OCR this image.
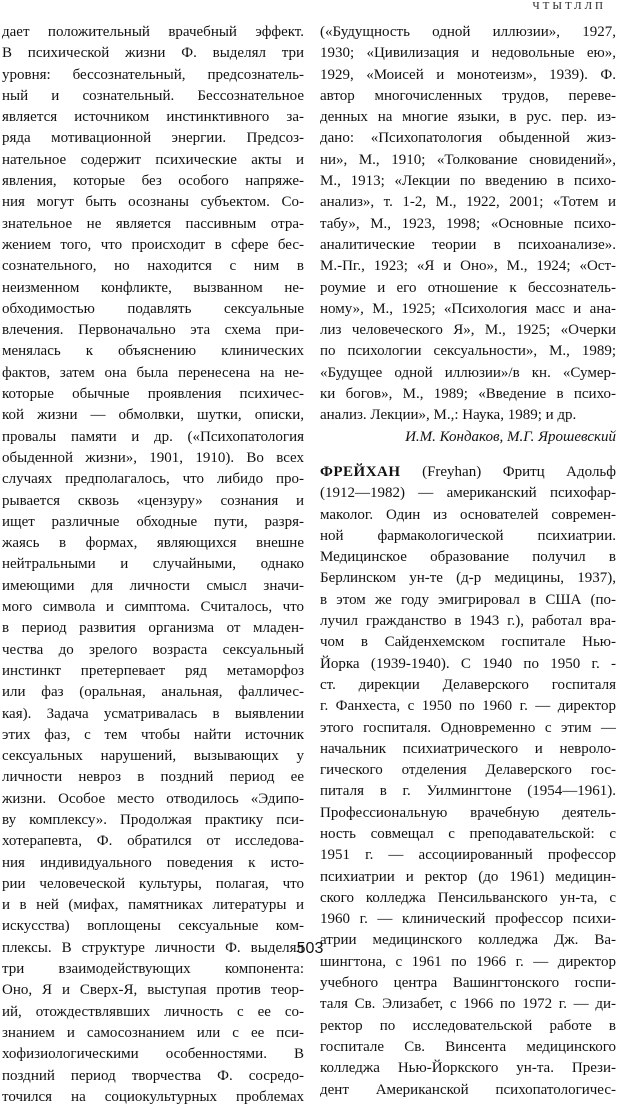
ЧТЫТЛЛП
дает положительный врачебный эффект.
В психической жизни Ф. выделял три
уровня: бессознательный, предсознатель-
ный и сознательный. Бессознательное
является источником инстинктивного за-
ряда мотивационной энергии. Предсоз-
нательное содержит психические акты и
явления, которые без особого напряже-
ния могут быть осознаны субъектом. Со-
знательное не является пассивным отра-
жением того, что происходит в сфере бес-
сознательного, но находится с ним в
неизменном конфликте, вызванном не-
обходимостью подавлять сексуальные
влечения. Первоначально эта схема при-
менялась к объяснению клинических
фактов, затем она была перенесена на не-
которые обычные проявления психичес-
кой жизни — обмолвки, шутки, описки,
провалы памяти и др. («Психопатология
обыденной жизни», 1901, 1910). Во всех
случаях предполагалось, что либидо про-
рывается сквозь «цензуру» сознания и
ищет различные обходные пути, разря-
жаясь в формах, являющихся внешне
нейтральными и случайными, однако
имеющими для личности смысл значи-
мого символа и симптома. Считалось, что
в период развития организма от младен-
чества до зрелого возраста сексуальный
инстинкт претерпевает ряд метаморфоз
или фаз (оральная, анальная, фалличес-
кая). Задача усматривалась в выявлении
этих фаз, с тем чтобы найти источник
сексуальных нарушений, вызывающих у
личности невроз в поздний период ее
жизни. Особое место отводилось «Эдипо-
ву комплексу». Продолжая практику пси-
хотерапевта, Ф. обратился от исследова-
ния индивидуального поведения к исто-
рии человеческой культуры, полагая, что
и в ней (мифах, памятниках литературы и
искусства) воплощены сексуальные ком-
плексы. В структуре личности Ф. выделял
три взаимодействующих компонента:
Оно, Я и Сверх-Я, выступая против теор-
ий, отождествлявших личность с ее со-
знанием и самосознанием или с ее пси-
хофизиологическими особенностями. В
поздний период творчества Ф. сосредо-
точился на социокультурных проблемах
(«Будущность одной иллюзии», 1927,
1930; «Цивилизация и недовольные ею»,
1929, «Моисей и монотеизм», 1939). Ф.
автор многочисленных трудов, переве-
денных на многие языки, в рус. пер. из-
дано: «Психопатология обыденной жиз-
ни», М., 1910; «Толкование сновидений»,
М., 1913; «Лекции по введению в психо-
анализ», т. 1-2, М., 1922, 2001; «Тотем и
табу», М., 1923, 1998; «Основные психо-
аналитические теории в психоанализе».
М.-Пг., 1923; «Я и Оно», М., 1924; «Ост-
роумие и его отношение к бессознатель-
ному», М., 1925; «Психология масс и ана-
лиз человеческого Я», М., 1925; «Очерки
по психологии сексуальности», М., 1989;
«Будущее одной иллюзии»/в кн. «Сумер-
ки богов», М., 1989; «Введение в психо-
анализ. Лекции», М.,: Наука, 1989; и др.
И.М. Кондаков, М.Г. Ярошевский
ФРЕЙХАН (Freyhan) Фритц Адольф
(1912—1982) — американский психофар-
маколог. Один из основателей современ-
ной фармакологической психиатрии.
Медицинское образование получил в
Берлинском ун-те (д-р медицины, 1937),
в этом же году эмигрировал в США (по-
лучил гражданство в 1943 г.), работал вра-
чом в Сайденхемском госпитале Нью-
Йорка (1939-1940). С 1940 по 1950 г. -
ст. дирекции Делаверского госпиталя
г. Фанхеста, с 1950 по 1960 г. — директор
этого госпиталя. Одновременно с этим —
начальник психиатрического и невроло-
гического отделения Делаверского гос-
питаля в г. Уилмингтоне (1954—1961).
Профессиональную врачебную деятель-
ность совмещал с преподавательской: с
1951 г. — ассоциированный профессор
психиатрии и ректор (до 1961) медицин-
ского колледжа Пенсильванского ун-та, с
1960 г. — клинический профессор психи-
атрии медицинского колледжа Дж. Ва-
шингтона, с 1961 по 1966 г. — директор
учебного центра Вашингтонского госпи-
таля Св. Элизабет, с 1966 по 1972 г. — ди-
ректор по исследовательской работе в
госпитале Св. Винсента медицинского
колледжа Нью-Йоркского ун-та. Прези-
дент Американской психопатологичес-
503
